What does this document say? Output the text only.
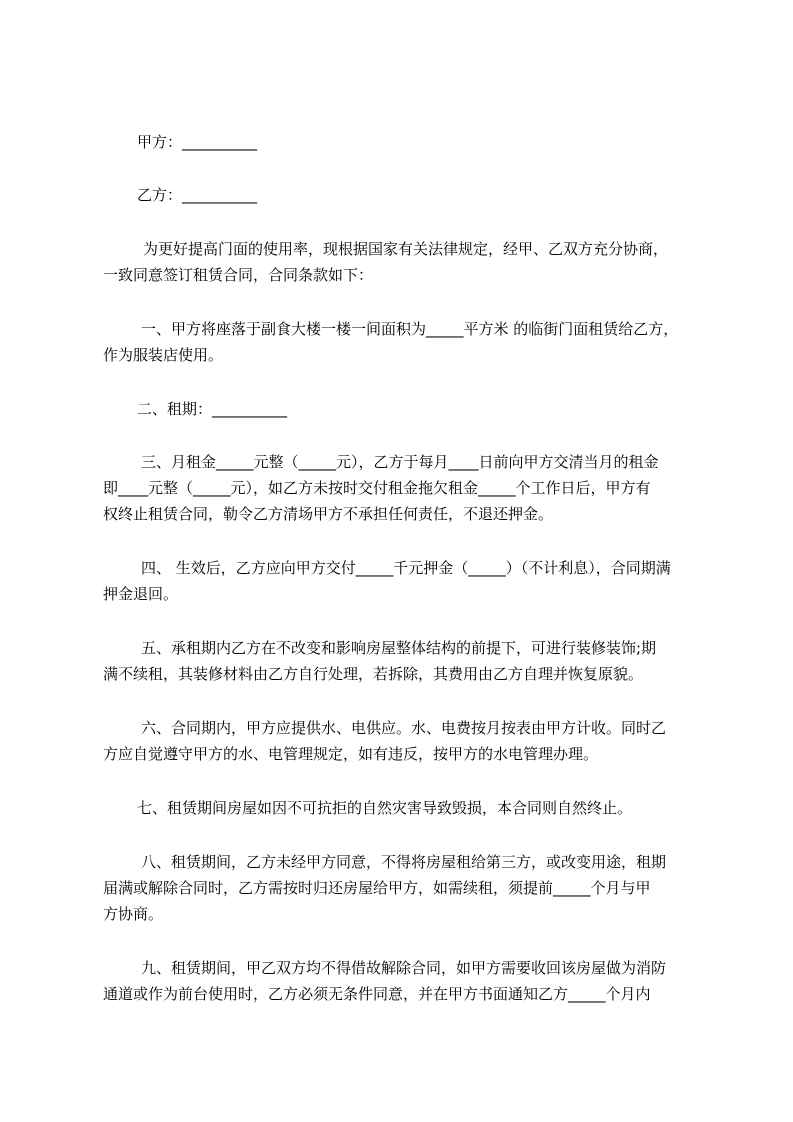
甲方：__________
乙方：__________
为更好提高门面的使用率，现根据国家有关法律规定，经甲、乙双方充分协商，
一致同意签订租赁合同，合同条款如下：
一、甲方将座落于副食大楼一楼一间面积为_____平方米 的临街门面租赁给乙方，
作为服装店使用。
二、租期：__________
三、月租金_____元整（_____元），乙方于每月____日前向甲方交清当月的租金
即____元整（_____元），如乙方未按时交付租金拖欠租金_____个工作日后，甲方有
权终止租赁合同，勒令乙方清场甲方不承担任何责任，不退还押金。
四、 生效后，乙方应向甲方交付_____千元押金（_____）（不计利息），合同期满
押金退回。
五、承租期内乙方在不改变和影响房屋整体结构的前提下，可进行装修装饰;期
满不续租，其装修材料由乙方自行处理，若拆除，其费用由乙方自理并恢复原貌。
六、合同期内，甲方应提供水、电供应。水、电费按月按表由甲方计收。同时乙
方应自觉遵守甲方的水、电管理规定，如有违反，按甲方的水电管理办理。
七、租赁期间房屋如因不可抗拒的自然灾害导致毁损，本合同则自然终止。
八、租赁期间，乙方未经甲方同意，不得将房屋租给第三方，或改变用途，租期
届满或解除合同时，乙方需按时归还房屋给甲方，如需续租，须提前_____个月与甲
方协商。
九、租赁期间，甲乙双方均不得借故解除合同，如甲方需要收回该房屋做为消防
通道或作为前台使用时，乙方必须无条件同意，并在甲方书面通知乙方_____个月内
